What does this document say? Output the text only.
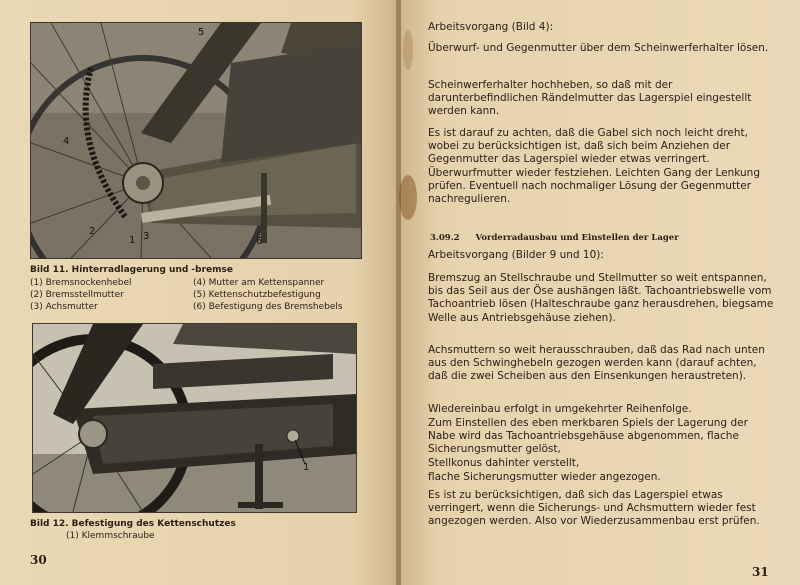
5
4
2
1 3	6
Bild 11. Hinterradlagerung und -bremse
(1) Bremsnockenhebel
(2) Bremsstellmutter
(3) Achsmutter
(4) Mutter am Kettenspanner
(5) Kettenschutzbefestigung
(6) Befestigung des Bremshebels
1
Bild 12. Befestigung des Kettenschutzes
(1) Klemmschraube
30
Arbeitsvorgang (Bild 4):
Überwurf- und Gegenmutter über dem Scheinwerferhalter lösen.
Scheinwerferhalter hochheben, so daß mit der darunterbefindlichen Rändelmutter das Lagerspiel eingestellt werden kann.
Es ist darauf zu achten, daß die Gabel sich noch leicht dreht, wobei zu berücksichtigen ist, daß sich beim Anziehen der Gegenmutter das Lagerspiel wieder etwas verringert. Überwurfmutter wieder festziehen. Leichten Gang der Lenkung prüfen. Eventuell nach nochmaliger Lösung der Gegenmutter nachregulieren.
3.09.2 Vorderradausbau und Einstellen der Lager
Arbeitsvorgang (Bilder 9 und 10):
Bremszug an Stellschraube und Stellmutter so weit entspannen, bis das Seil aus der Öse aushängen läßt. Tachoantriebswelle vom Tachoantrieb lösen (Halteschraube ganz herausdrehen, biegsame Welle aus Antriebsgehäuse ziehen).
Achsmuttern so weit herausschrauben, daß das Rad nach unten aus den Schwinghebeln gezogen werden kann (darauf achten, daß die zwei Scheiben aus den Einsenkungen heraustreten).
Wiedereinbau erfolgt in umgekehrter Reihenfolge.
Zum Einstellen des eben merkbaren Spiels der Lagerung der Nabe wird das Tachoantriebsgehäuse abgenommen, flache Sicherungsmutter gelöst,
Stellkonus dahinter verstellt,
flache Sicherungsmutter wieder angezogen.
Es ist zu berücksichtigen, daß sich das Lagerspiel etwas verringert, wenn die Sicherungs- und Achsmuttern wieder fest angezogen werden. Also vor Wiederzusammenbau erst prüfen.
31
